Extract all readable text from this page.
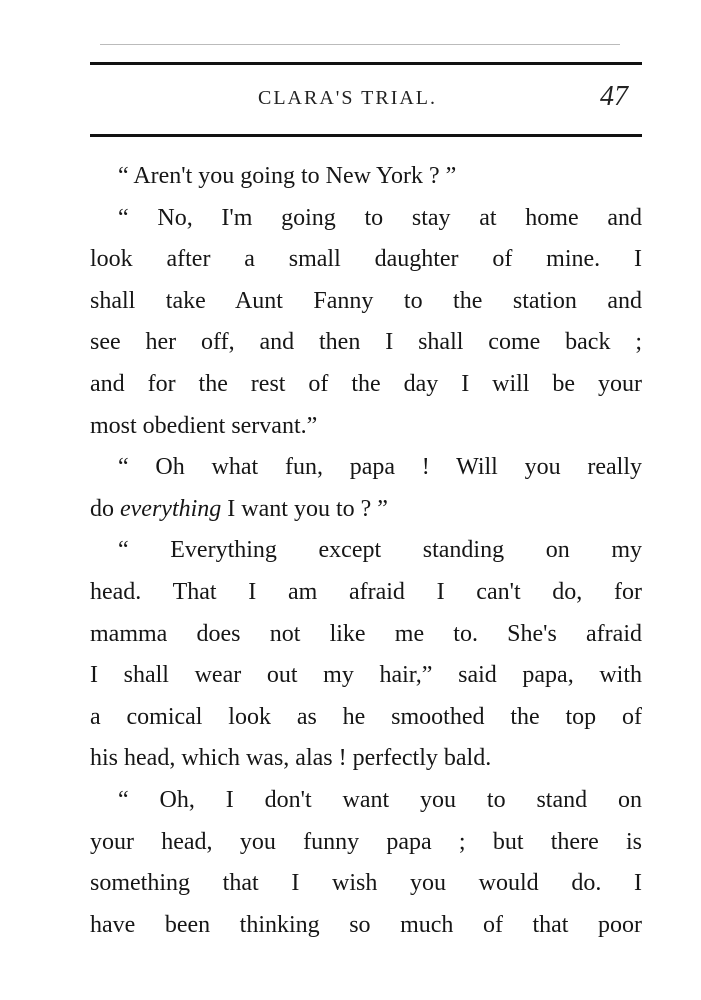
CLARA'S TRIAL.	47
“ Aren't you going to New York ? ”
“ No, I'm going to stay at home and
look after a small daughter of mine. I
shall take Aunt Fanny to the station and
see her off, and then I shall come back ;
and for the rest of the day I will be your
most obedient servant.”
“ Oh what fun, papa ! Will you really
do everything I want you to ? ”
“ Everything except standing on my
head. That I am afraid I can't do, for
mamma does not like me to. She's afraid
I shall wear out my hair,” said papa, with
a comical look as he smoothed the top of
his head, which was, alas ! perfectly bald.
“ Oh, I don't want you to stand on
your head, you funny papa ; but there is
something that I wish you would do. I
have been thinking so much of that poor
